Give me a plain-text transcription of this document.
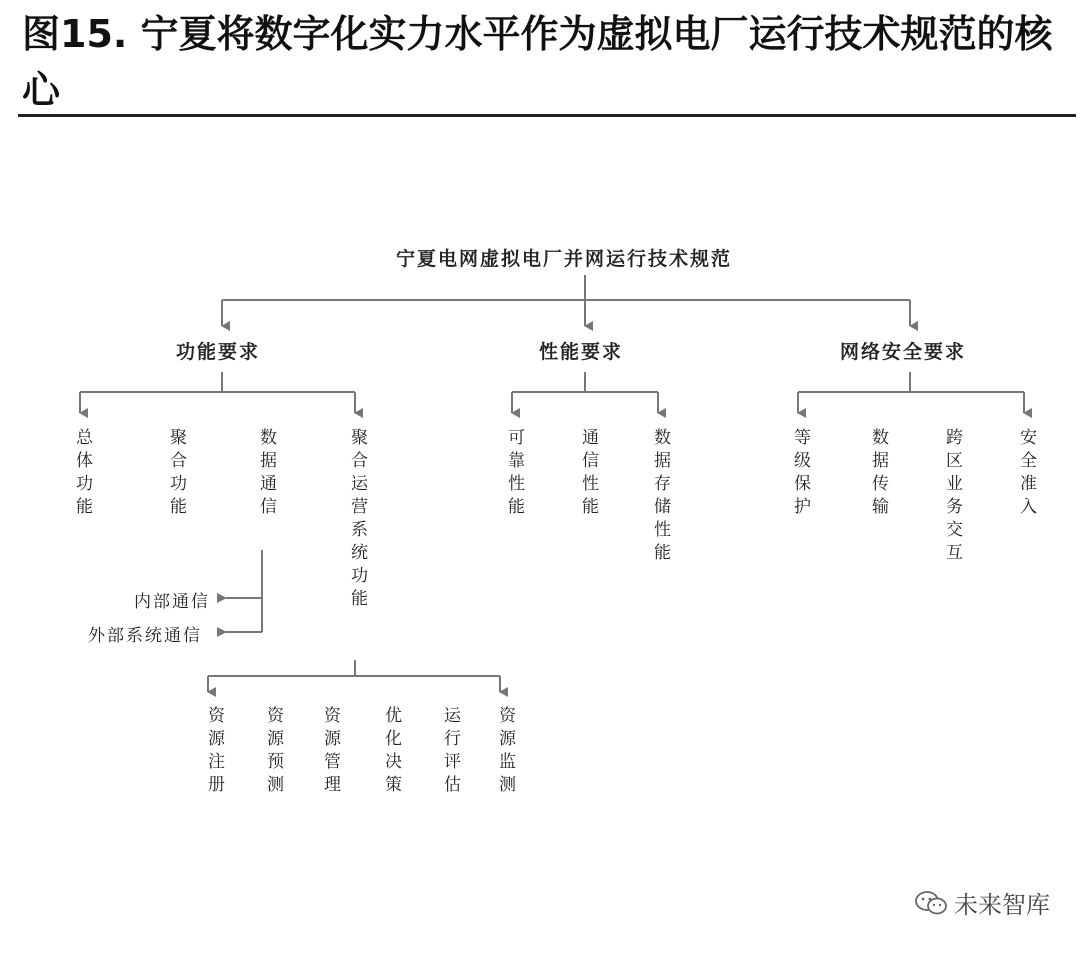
图15. 宁夏将数字化实力水平作为虚拟电厂运行技术规范的核心
宁夏电网虚拟电厂并网运行技术规范
功能要求	性能要求	网络安全要求
总体功能	聚合功能	数据通信	聚合运营系统功能
内部通信
外部系统通信
资源注册 资源预测 资源管理 优化决策 运行评估 资源监测
可靠性能	通信性能	数据存储性能	等级保护	数据传输	跨区业务交互	安全准入
未来智库
